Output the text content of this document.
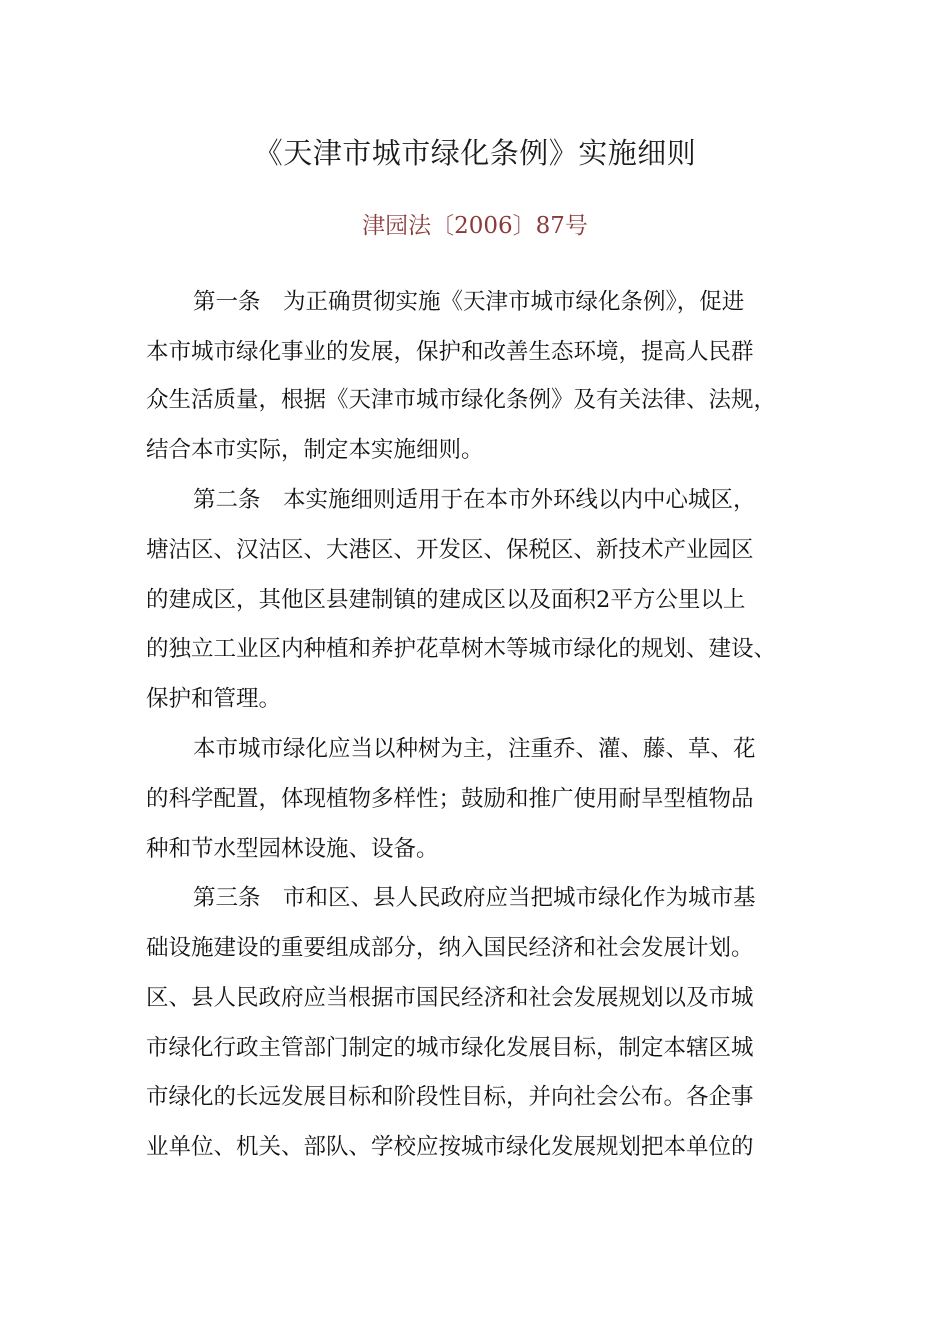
《天津市城市绿化条例》实施细则
津园法〔2006〕87号
第一条　为正确贯彻实施《天津市城市绿化条例》，促进
本市城市绿化事业的发展，保护和改善生态环境，提高人民群
众生活质量，根据《天津市城市绿化条例》及有关法律、法规，
结合本市实际，制定本实施细则。
第二条　本实施细则适用于在本市外环线以内中心城区，
塘沽区、汉沽区、大港区、开发区、保税区、新技术产业园区
的建成区，其他区县建制镇的建成区以及面积2平方公里以上
的独立工业区内种植和养护花草树木等城市绿化的规划、建设、
保护和管理。
本市城市绿化应当以种树为主，注重乔、灌、藤、草、花
的科学配置，体现植物多样性；鼓励和推广使用耐旱型植物品
种和节水型园林设施、设备。
第三条　市和区、县人民政府应当把城市绿化作为城市基
础设施建设的重要组成部分，纳入国民经济和社会发展计划。
区、县人民政府应当根据市国民经济和社会发展规划以及市城
市绿化行政主管部门制定的城市绿化发展目标，制定本辖区城
市绿化的长远发展目标和阶段性目标，并向社会公布。各企事
业单位、机关、部队、学校应按城市绿化发展规划把本单位的
